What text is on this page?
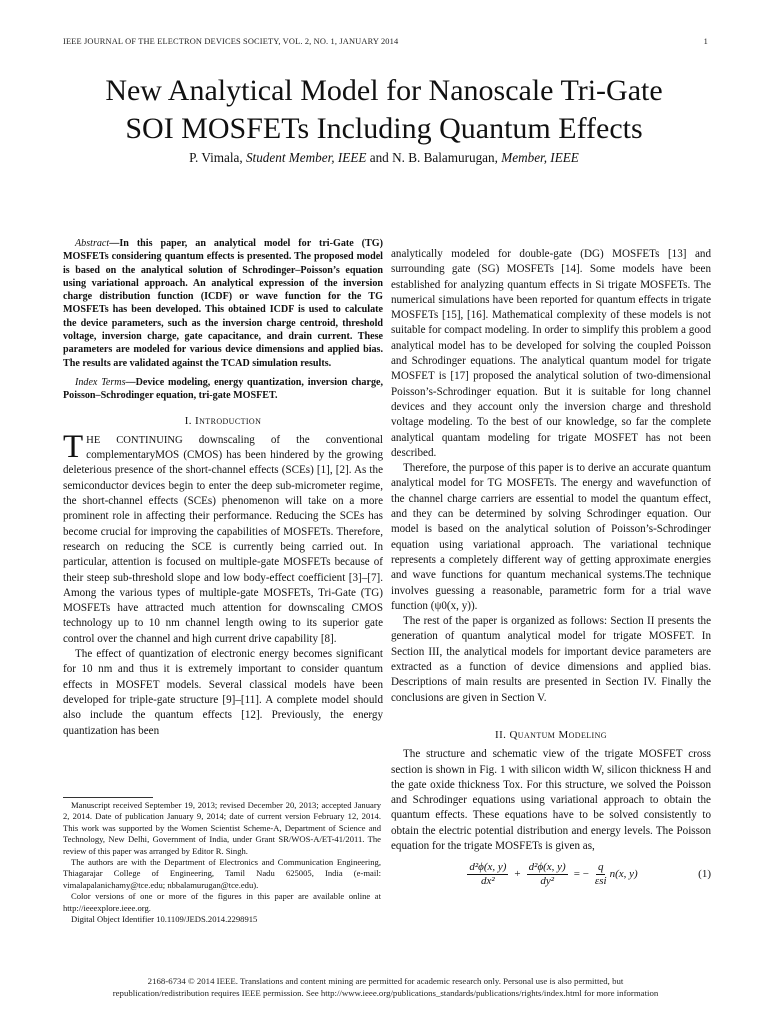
IEEE JOURNAL OF THE ELECTRON DEVICES SOCIETY, VOL. 2, NO. 1, JANUARY 2014	1
New Analytical Model for Nanoscale Tri-Gate
SOI MOSFETs Including Quantum Effects
P. Vimala, Student Member, IEEE and N. B. Balamurugan, Member, IEEE

Abstract—In this paper, an analytical model for tri-Gate (TG) MOSFETs considering quantum effects is presented. The proposed model is based on the analytical solution of Schrodinger–Poisson’s equation using variational approach. An analytical expression of the inversion charge distribution function (ICDF) or wave function for the TG MOSFETs has been developed. This obtained ICDF is used to calculate the device parameters, such as the inversion charge centroid, threshold voltage, inversion charge, gate capacitance, and drain current. These parameters are modeled for various device dimensions and applied bias. The results are validated against the TCAD simulation results.

Index Terms—Device modeling, energy quantization, inversion charge, Poisson–Schrodinger equation, tri-gate MOSFET.

I. Introduction

THE CONTINUING downscaling of the conventional complementaryMOS (CMOS) has been hindered by the growing deleterious presence of the short-channel effects (SCEs) [1], [2]. As the semiconductor devices begin to enter the deep sub-micrometer regime, the short-channel effects (SCEs) phenomenon will take on a more prominent role in affecting their performance. Reducing the SCEs has become crucial for improving the capabilities of MOSFETs. Therefore, research on reducing the SCE is currently being carried out. In particular, attention is focused on multiple-gate MOSFETs because of their steep sub-threshold slope and low body-effect coefficient [3]–[7]. Among the various types of multiple-gate MOSFETs, Tri-Gate (TG) MOSFETs have attracted much attention for downscaling CMOS technology up to 10 nm channel length owing to its superior gate control over the channel and high current drive capability [8].

The effect of quantization of electronic energy becomes significant for 10 nm and thus it is extremely important to consider quantum effects in MOSFET models. Several classical models have been developed for triple-gate structure [9]–[11]. A complete model should also include the quantum effects [12]. Previously, the energy quantization has been

Manuscript received September 19, 2013; revised December 20, 2013; accepted January 2, 2014. Date of publication January 9, 2014; date of current version February 12, 2014. This work was supported by the Women Scientist Scheme-A, Department of Science and Technology, New Delhi, Government of India, under Grant SR/WOS-A/ET-41/2011. The review of this paper was arranged by Editor R. Singh.

The authors are with the Department of Electronics and Communication Engineering, Thiagarajar College of Engineering, Tamil Nadu 625005, India (e-mail: vimalapalanichamy@tce.edu; nbbalamurugan@tce.edu).

Color versions of one or more of the figures in this paper are available online at http://ieeexplore.ieee.org.

Digital Object Identifier 10.1109/JEDS.2014.2298915

analytically modeled for double-gate (DG) MOSFETs [13] and surrounding gate (SG) MOSFETs [14]. Some models have been established for analyzing quantum effects in Si trigate MOSFETs. The numerical simulations have been reported for quantum effects in trigate MOSFETs [15], [16]. Mathematical complexity of these models is not suitable for compact modeling. In order to simplify this problem a good analytical model has to be developed for solving the coupled Poisson and Schrodinger equations. The analytical quantum model for trigate MOSFET is [17] proposed the analytical solution of two-dimensional Poisson’s-Schrodinger equation. But it is suitable for long channel devices and they account only the inversion charge and threshold voltage modeling. To the best of our knowledge, so far the complete analytical quantam modeling for trigate MOSFET has not been described.

Therefore, the purpose of this paper is to derive an accurate quantum analytical model for TG MOSFETs. The energy and wavefunction of the channel charge carriers are essential to model the quantum effect, and they can be determined by solving Schrodinger equation. Our model is based on the analytical solution of Poisson’s-Schrodinger equation using variational approach. The variational technique represents a completely different way of getting approximate energies and wave functions for quantum mechanical systems.The technique involves guessing a reasonable, parametric form for a trial wave function (ψ0(x, y)).

The rest of the paper is organized as follows: Section II presents the generation of quantum analytical model for trigate MOSFET. In Section III, the analytical models for important device parameters are extracted as a function of device dimensions and applied bias. Descriptions of main results are presented in Section IV. Finally the conclusions are given in Section V.

II. Quantum Modeling

The structure and schematic view of the trigate MOSFET cross section is shown in Fig. 1 with silicon width W, silicon thickness H and the gate oxide thickness Tox. For this structure, we solved the Poisson and Schrodinger equations using variational approach to obtain the quantum effects. These equations have to be solved consistently to obtain the electric potential distribution and energy levels. The Poisson equation for the trigate MOSFETs is given as,

$\frac{\text{d²ϕ(x, y)}}{\text{dx²}} + \frac{\text{d²ϕ(x, y)}}{\text{dy²}}$ = − $\frac{q}{\text{εsi}} n(x$, y)	(1)
2168-6734 © 2014 IEEE. Translations and content mining are permitted for academic research only. Personal use is also permitted, but
republication/redistribution requires IEEE permission. See http://www.ieee.org/publications_standards/publications/rights/index.html for more information
